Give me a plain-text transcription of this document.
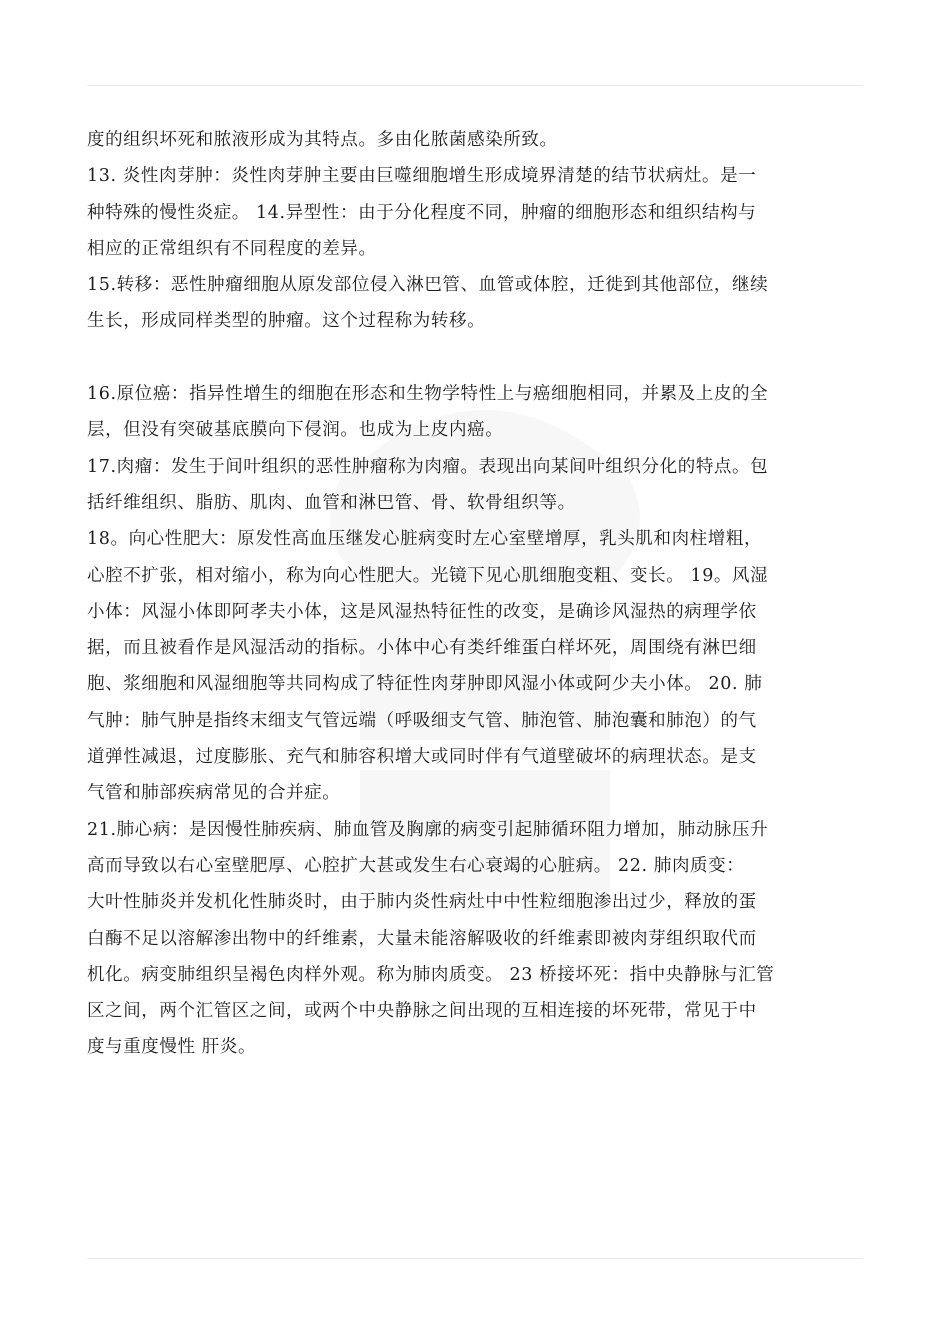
度的组织坏死和脓液形成为其特点。多由化脓菌感染所致。
13. 炎性肉芽肿：炎性肉芽肿主要由巨噬细胞增生形成境界清楚的结节状病灶。是一
种特殊的慢性炎症。 14.异型性：由于分化程度不同，肿瘤的细胞形态和组织结构与
相应的正常组织有不同程度的差异。
15.转移：恶性肿瘤细胞从原发部位侵入淋巴管、血管或体腔，迁徙到其他部位，继续
生长，形成同样类型的肿瘤。这个过程称为转移。
16.原位癌：指异性增生的细胞在形态和生物学特性上与癌细胞相同，并累及上皮的全
层，但没有突破基底膜向下侵润。也成为上皮内癌。
17.肉瘤：发生于间叶组织的恶性肿瘤称为肉瘤。表现出向某间叶组织分化的特点。包
括纤维组织、脂肪、肌肉、血管和淋巴管、骨、软骨组织等。
18。向心性肥大：原发性高血压继发心脏病变时左心室壁增厚，乳头肌和肉柱增粗，
心腔不扩张，相对缩小，称为向心性肥大。光镜下见心肌细胞变粗、变长。 19。风湿
小体：风湿小体即阿孝夫小体，这是风湿热特征性的改变，是确诊风湿热的病理学依
据，而且被看作是风湿活动的指标。小体中心有类纤维蛋白样坏死，周围绕有淋巴细
胞、浆细胞和风湿细胞等共同构成了特征性肉芽肿即风湿小体或阿少夫小体。 20. 肺
气肿：肺气肿是指终末细支气管远端（呼吸细支气管、肺泡管、肺泡囊和肺泡）的气
道弹性减退，过度膨胀、充气和肺容积增大或同时伴有气道壁破坏的病理状态。是支
气管和肺部疾病常见的合并症。
21.肺心病：是因慢性肺疾病、肺血管及胸廓的病变引起肺循环阻力增加，肺动脉压升
高而导致以右心室壁肥厚、心腔扩大甚或发生右心衰竭的心脏病。 22. 肺肉质变：
大叶性肺炎并发机化性肺炎时，由于肺内炎性病灶中中性粒细胞渗出过少，释放的蛋
白酶不足以溶解渗出物中的纤维素，大量未能溶解吸收的纤维素即被肉芽组织取代而
机化。病变肺组织呈褐色肉样外观。称为肺肉质变。 23 桥接坏死：指中央静脉与汇管
区之间，两个汇管区之间，或两个中央静脉之间出现的互相连接的坏死带，常见于中
度与重度慢性 肝炎。
